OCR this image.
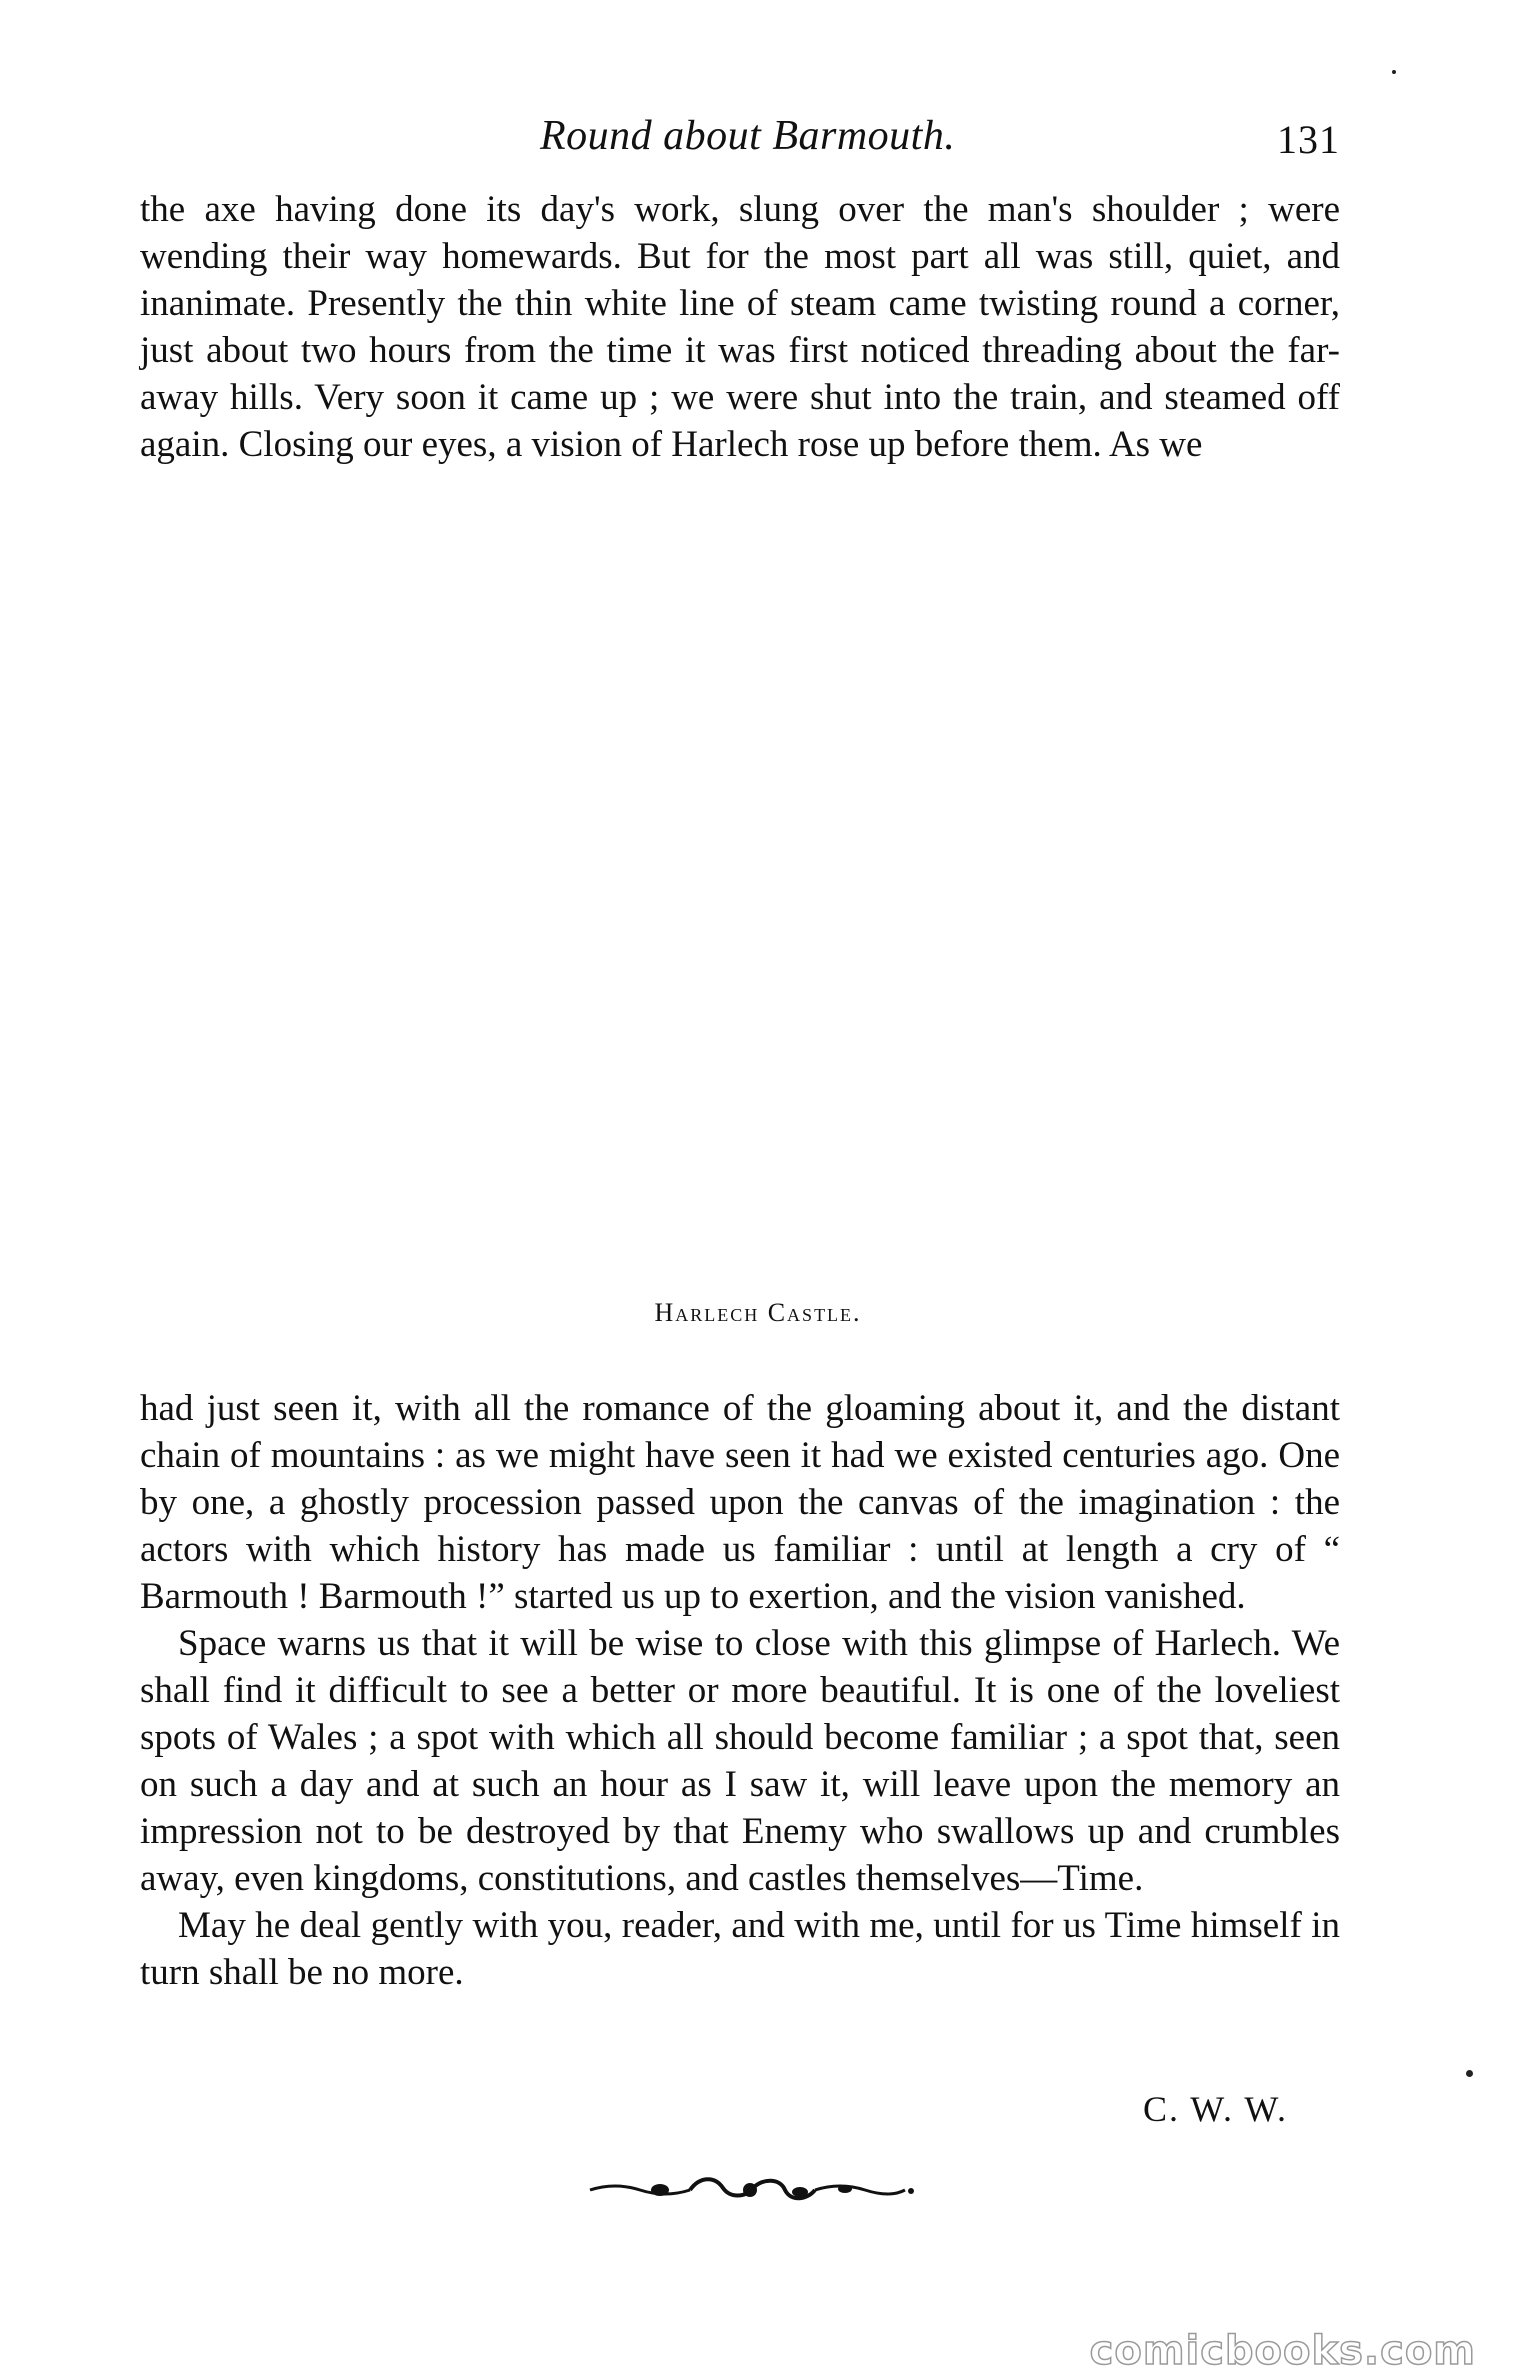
Round about Barmouth.	131

the axe having done its day's work, slung over the man's shoulder ; were wending their way homewards. But for the most part all was still, quiet, and inanimate. Presently the thin white line of steam came twisting round a corner, just about two hours from the time it was first noticed threading about the far-away hills. Very soon it came up ; we were shut into the train, and steamed off again. Closing our eyes, a vision of Harlech rose up before them. As we

Harlech Castle.

had just seen it, with all the romance of the gloaming about it, and the distant chain of mountains : as we might have seen it had we existed centuries ago. One by one, a ghostly procession passed upon the canvas of the imagination : the actors with which history has made us familiar : until at length a cry of “ Barmouth ! Barmouth !” started us up to exertion, and the vision vanished.

Space warns us that it will be wise to close with this glimpse of Harlech. We shall find it difficult to see a better or more beautiful. It is one of the loveliest spots of Wales ; a spot with which all should become familiar ; a spot that, seen on such a day and at such an hour as I saw it, will leave upon the memory an impression not to be destroyed by that Enemy who swallows up and crumbles away, even kingdoms, constitutions, and castles themselves—Time.

May he deal gently with you, reader, and with me, until for us Time himself in turn shall be no more.

C. W. W.
comicbooks.com
